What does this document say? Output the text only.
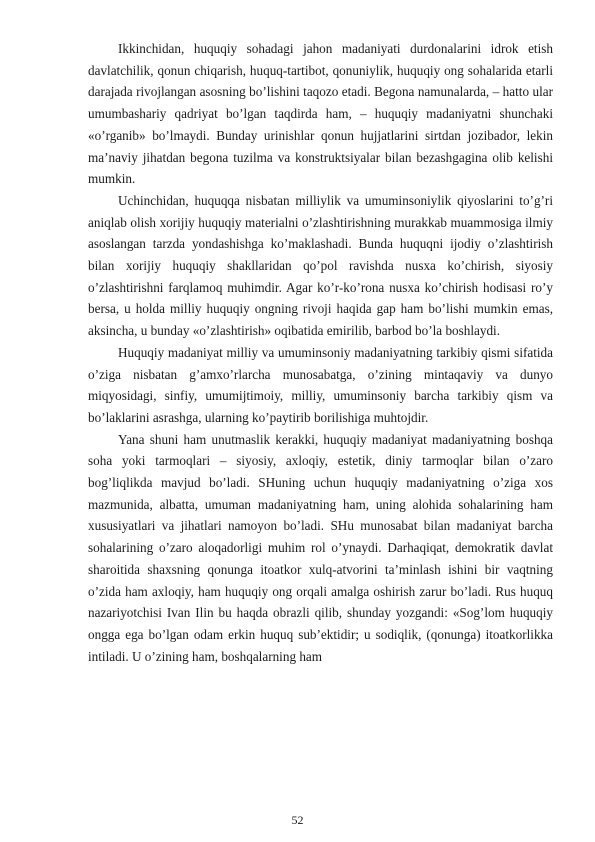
Ikkinchidan, huquqiy sohadagi jahon madaniyati durdonalarini idrok etish davlatchilik, qonun chiqarish, huquq-tartibot, qonuniylik, huquqiy ong sohalarida etarli darajada rivojlangan asosning bo’lishini taqozo etadi. Begona namunalarda, – hatto ular umumbashariy qadriyat bo’lgan taqdirda ham, – huquqiy madaniyatni shunchaki «o’rganib» bo’lmaydi. Bunday urinishlar qonun hujjatlarini sirtdan jozibador, lekin ma’naviy jihatdan begona tuzilma va konstruktsiyalar bilan bezashgagina olib kelishi mumkin.

Uchinchidan, huquqqa nisbatan milliylik va umuminsoniylik qiyoslarini to’g’ri aniqlab olish xorijiy huquqiy materialni o’zlashtirishning murakkab muammosiga ilmiy asoslangan tarzda yondashishga ko’maklashadi. Bunda huquqni ijodiy o’zlashtirish bilan xorijiy huquqiy shakllaridan qo’pol ravishda nusxa ko’chirish, siyosiy o’zlashtirishni farqlamoq muhimdir. Agar ko’r-ko’rona nusxa ko’chirish hodisasi ro’y bersa, u holda milliy huquqiy ongning rivoji haqida gap ham bo’lishi mumkin emas, aksincha, u bunday «o’zlashtirish» oqibatida emirilib, barbod bo’la boshlaydi.

Huquqiy madaniyat milliy va umuminsoniy madaniyatning tarkibiy qismi sifatida o’ziga nisbatan g’amxo’rlarcha munosabatga, o’zining mintaqaviy va dunyo miqyosidagi, sinfiy, umumijtimoiy, milliy, umuminsoniy barcha tarkibiy qism va bo’laklarini asrashga, ularning ko’paytirib borilishiga muhtojdir.

Yana shuni ham unutmaslik kerakki, huquqiy madaniyat madaniyatning boshqa soha yoki tarmoqlari – siyosiy, axloqiy, estetik, diniy tarmoqlar bilan o’zaro bog’liqlikda mavjud bo’ladi. SHuning uchun huquqiy madaniyatning o’ziga xos mazmunida, albatta, umuman madaniyatning ham, uning alohida sohalarining ham xususiyatlari va jihatlari namoyon bo’ladi. SHu munosabat bilan madaniyat barcha sohalarining o’zaro aloqadorligi muhim rol o’ynaydi. Darhaqiqat, demokratik davlat sharoitida shaxsning qonunga itoatkor xulq-atvorini ta’minlash ishini bir vaqtning o’zida ham axloqiy, ham huquqiy ong orqali amalga oshirish zarur bo’ladi. Rus huquq nazariyotchisi Ivan Ilin bu haqda obrazli qilib, shunday yozgandi: «Sog’lom huquqiy ongga ega bo’lgan odam erkin huquq sub’ektidir; u sodiqlik, (qonunga) itoatkorlikka intiladi. U o’zining ham, boshqalarning ham

52
